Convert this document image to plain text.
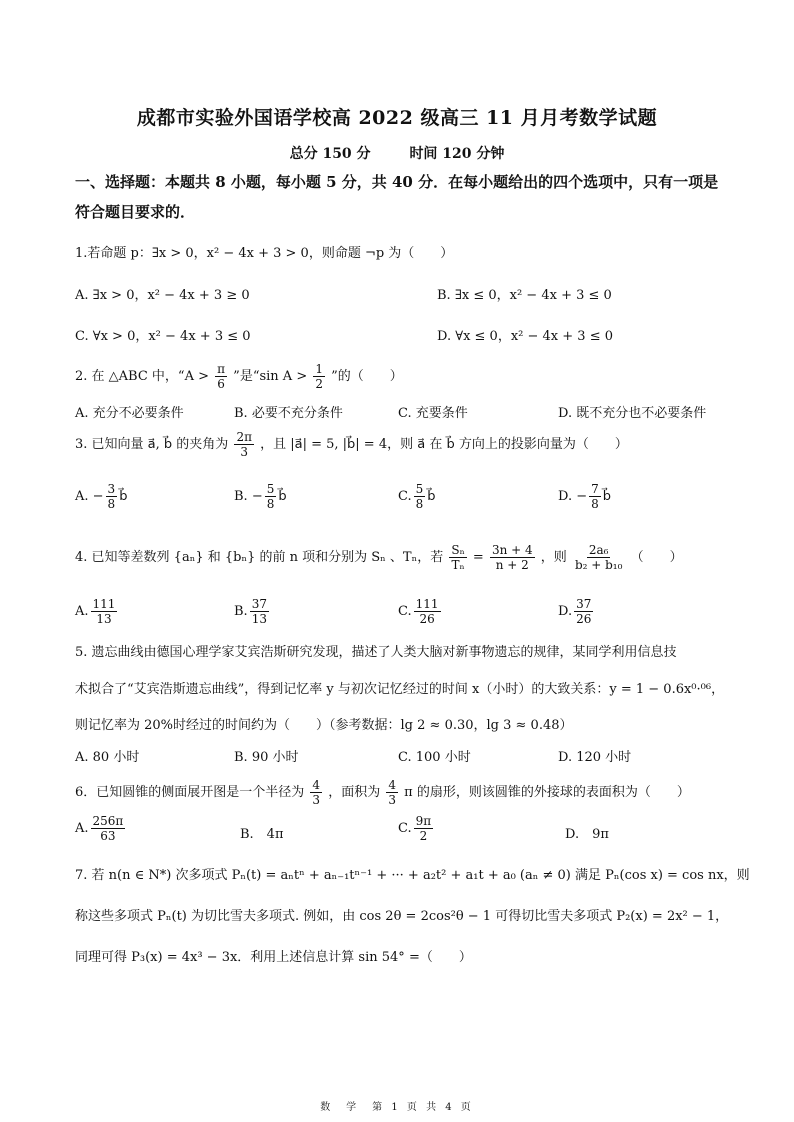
成都市实验外国语学校高 2022 级高三 11 月月考数学试题
总分 150 分	时间 120 分钟
一、选择题：本题共 8 小题，每小题 5 分，共 40 分．在每小题给出的四个选项中，只有一项是符合题目要求的．
1.若命题 p：∃x > 0，x² − 4x + 3 > 0，则命题 ¬p 为（　　）
A. ∃x > 0，x² − 4x + 3 ≥ 0	B. ∃x ≤ 0，x² − 4x + 3 ≤ 0
C. ∀x > 0，x² − 4x + 3 ≤ 0	D. ∀x ≤ 0，x² − 4x + 3 ≤ 0
2. 在 △ABC 中，“$A > \frac{\pi}{6}$ ”是“sin $A > \frac{1}{2}$ ”的（　　）
A. 充分不必要条件	B. 必要不充分条件	C. 充要条件	D. 既不充分也不必要条件
3. 已知向量 a⃗, b⃗ 的夹角为 $\frac{2\pi}{3}$ ，且 |a⃗| = 5, |b⃗| = 4，则 a⃗ 在 b⃗ 方向上的投影向量为（　　）
A. − $\frac{3}{8}$ b⃗	B. − $\frac{5}{8}$ b⃗	C. $\frac{5}{8}$ b⃗	D. − $\frac{7}{8}$ b⃗
4. 已知等差数列 {aₙ} 和 {bₙ} 的前 n 项和分别为 Sₙ 、Tₙ，若 $\frac{\text{Sₙ}}{\text{Tₙ}} = \frac{3n + 4}{n + 2}$ ，则 $\frac{\text{2a₆}}{\text{b₂ + b₁₀}}$ （　　）
A. $\frac{111}{13}$	B. $\frac{37}{13}$	C. $\frac{111}{26}$	D. $\frac{37}{26}$
5. 遗忘曲线由德国心理学家艾宾浩斯研究发现，描述了人类大脑对新事物遗忘的规律，某同学利用信息技
术拟合了“艾宾浩斯遗忘曲线”，得到记忆率 y 与初次记忆经过的时间 x（小时）的大致关系：y = 1 − 0.6x⁰·⁰⁶，
则记忆率为 20%时经过的时间约为（　　）（参考数据：lg 2 ≈ 0.30，lg 3 ≈ 0.48）
A. 80 小时	B. 90 小时	C. 100 小时	D. 120 小时
6．已知圆锥的侧面展开图是一个半径为 $\frac{4}{3}$ ，面积为 $\frac{4}{3}$ π 的扇形，则该圆锥的外接球的表面积为（　　）
A. $\frac{256\pi}{63}$	B.　4π	C. $\frac{9\pi}{2}$	D.　9π
7. 若 n(n ∈ N*) 次多项式 Pₙ(t) = aₙtⁿ + aₙ₋₁tⁿ⁻¹ + ··· + a₂t² + a₁t + a₀ (aₙ ≠ 0) 满足 Pₙ(cos x) = cos nx，则
称这些多项式 Pₙ(t) 为切比雪夫多项式. 例如，由 cos 2θ = 2cos²θ − 1 可得切比雪夫多项式 P₂(x) = 2x² − 1，
同理可得 P₃(x) = 4x³ − 3x．利用上述信息计算 sin 54° =（　　）
数　学　第 1 页 共 4 页
